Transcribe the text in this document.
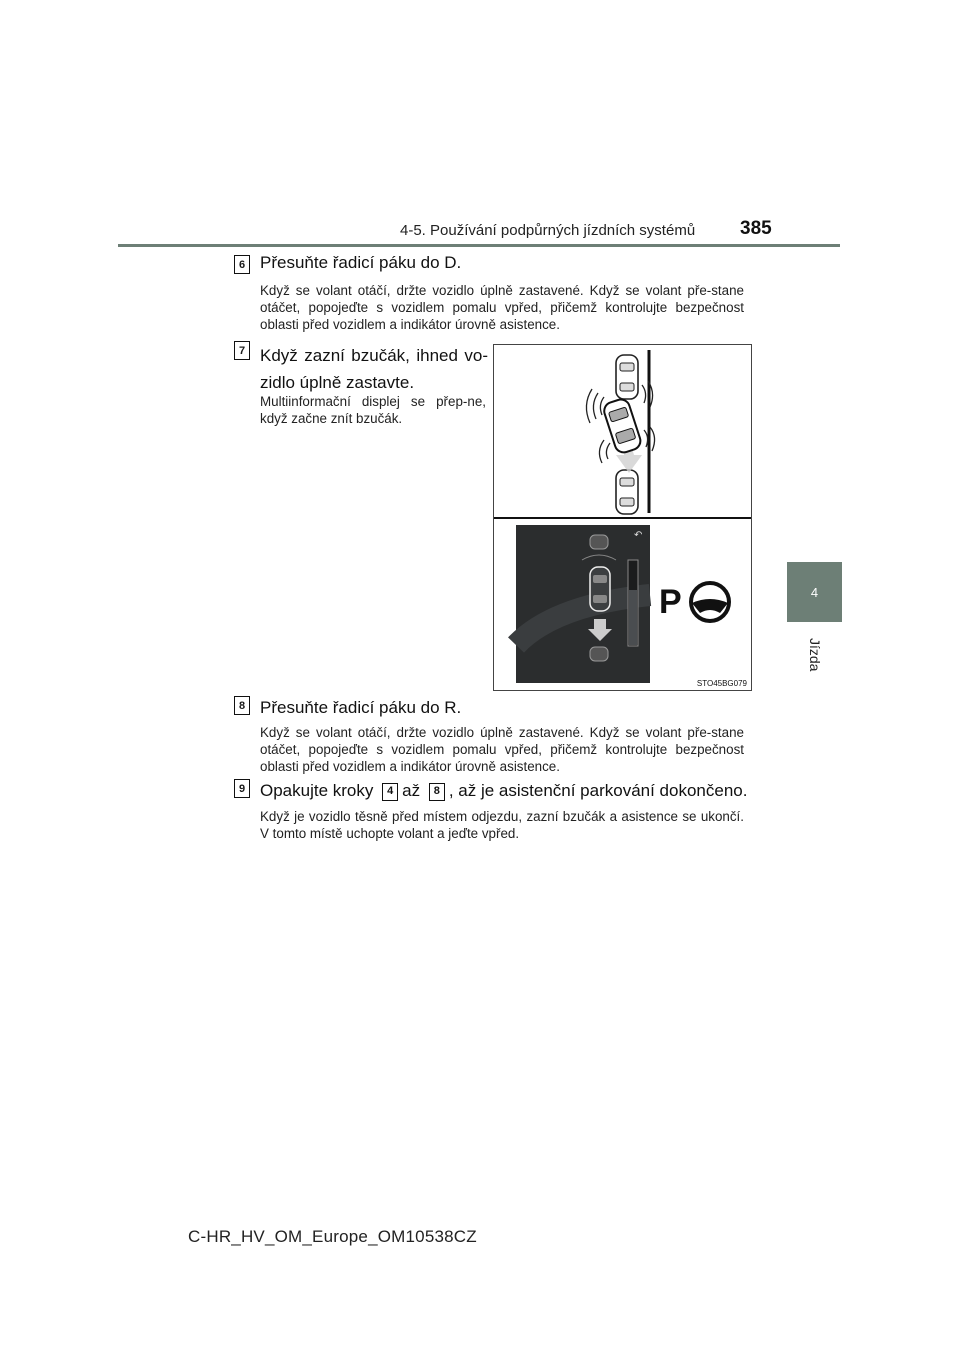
4-5. Používání podpůrných jízdních systémů 385
4
Jízda
6 Přesuňte řadicí páku do D.
Když se volant otáčí, držte vozidlo úplně zastavené. Když se volant pře-stane otáčet, popojeďte s vozidlem pomalu vpřed, přičemž kontrolujte bezpečnost oblasti před vozidlem a indikátor úrovně asistence.
7 Když zazní bzučák, ihned vo-zidlo úplně zastavte.
Multiinformační displej se přep-ne, když začne znít bzučák.
↶
P
STO45BG079
8 Přesuňte řadicí páku do R.
Když se volant otáčí, držte vozidlo úplně zastavené. Když se volant pře-stane otáčet, popojeďte s vozidlem pomalu vpřed, přičemž kontrolujte bezpečnost oblasti před vozidlem a indikátor úrovně asistence.
9 Opakujte kroky 4 až 8 , až je asistenční parkování dokončeno.
Když je vozidlo těsně před místem odjezdu, zazní bzučák a asistence se ukončí. V tomto místě uchopte volant a jeďte vpřed.
C-HR_HV_OM_Europe_OM10538CZ
